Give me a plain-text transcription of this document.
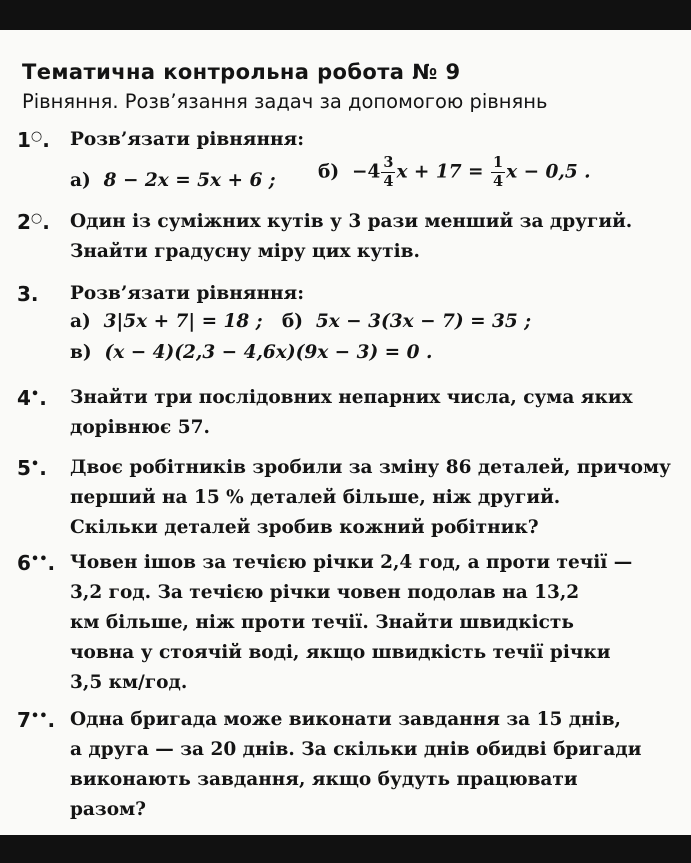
Тематична контрольна робота № 9
Рівняння. Розв’язання задач за допомогою рівнянь
1○. Розв’язати рівняння:
а) 8 − 2x = 5x + 6 ; $б) -4 \frac{3}{4}$ $x + 17 = \frac{1}{4}$ x − 0,5 .
2○. Один із суміжних кутів у 3 рази менший за другий.
Знайти градусну міру цих кутів.
3. Розв’язати рівняння:
а) 3|5x + 7| = 18 ; б) 5x − 3(3x − 7) = 35 ;
в) (x − 4)(2,3 − 4,6x)(9x − 3) = 0 .
4•. Знайти три послідовних непарних числа, сума яких
дорівнює 57.
5•. Двоє робітників зробили за зміну 86 деталей, причому
перший на 15 % деталей більше, ніж другий.
Скільки деталей зробив кожний робітник?
6••. Човен ішов за течією річки 2,4 год, а проти течії —
3,2 год. За течією річки човен подолав на 13,2
км більше, ніж проти течії. Знайти швидкість
човна у стоячій воді, якщо швидкість течії річки
3,5 км/год.
7••. Одна бригада може виконати завдання за 15 днів,
а друга — за 20 днів. За скільки днів обидві бригади
виконають завдання, якщо будуть працювати
разом?
